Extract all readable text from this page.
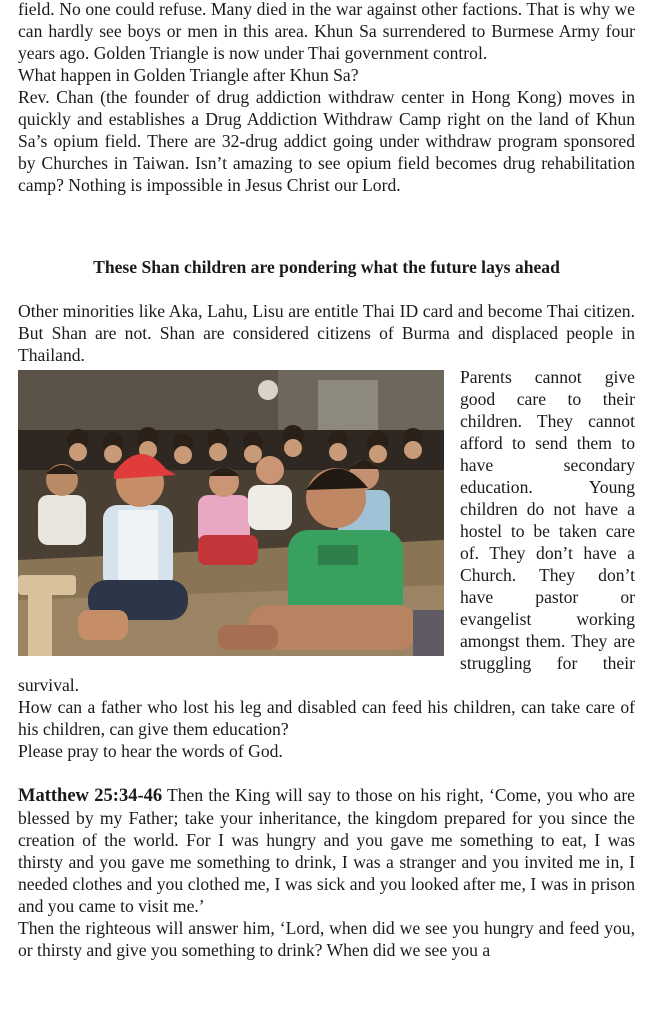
field. No one could refuse. Many died in the war against other factions. That is why we can hardly see boys or men in this area. Khun Sa surrendered to Burmese Army four years ago. Golden Triangle is now under Thai government control.

What happen in Golden Triangle after Khun Sa?

Rev. Chan (the founder of drug addiction withdraw center in Hong Kong) moves in quickly and establishes a Drug Addiction Withdraw Camp right on the land of Khun Sa’s opium field. There are 32-drug addict going under withdraw program sponsored by Churches in Taiwan. Isn’t amazing to see opium field becomes drug rehabilitation camp? Nothing is impossible in Jesus Christ our Lord.

These Shan children are pondering what the future lays ahead

Other minorities like Aka, Lahu, Lisu are entitle Thai ID card and become Thai citizen. But Shan are not. Shan are considered citizens of Burma and displaced people in Thailand.

Parents cannot give good care to their children. They cannot afford to send them to have secondary education. Young children do not have a hostel to be taken care of. They don’t have a Church. They don’t have pastor or evangelist working amongst them. They are struggling for their survival.

How can a father who lost his leg and disabled can feed his children, can take care of his children, can give them education?

Please pray to hear the words of God.

Matthew 25:34-46 Then the King will say to those on his right, ‘Come, you who are blessed by my Father; take your inheritance, the kingdom prepared for you since the creation of the world. For I was hungry and you gave me something to eat, I was thirsty and you gave me something to drink, I was a stranger and you invited me in, I needed clothes and you clothed me, I was sick and you looked after me, I was in prison and you came to visit me.’

Then the righteous will answer him, ‘Lord, when did we see you hungry and feed you, or thirsty and give you something to drink? When did we see you a
